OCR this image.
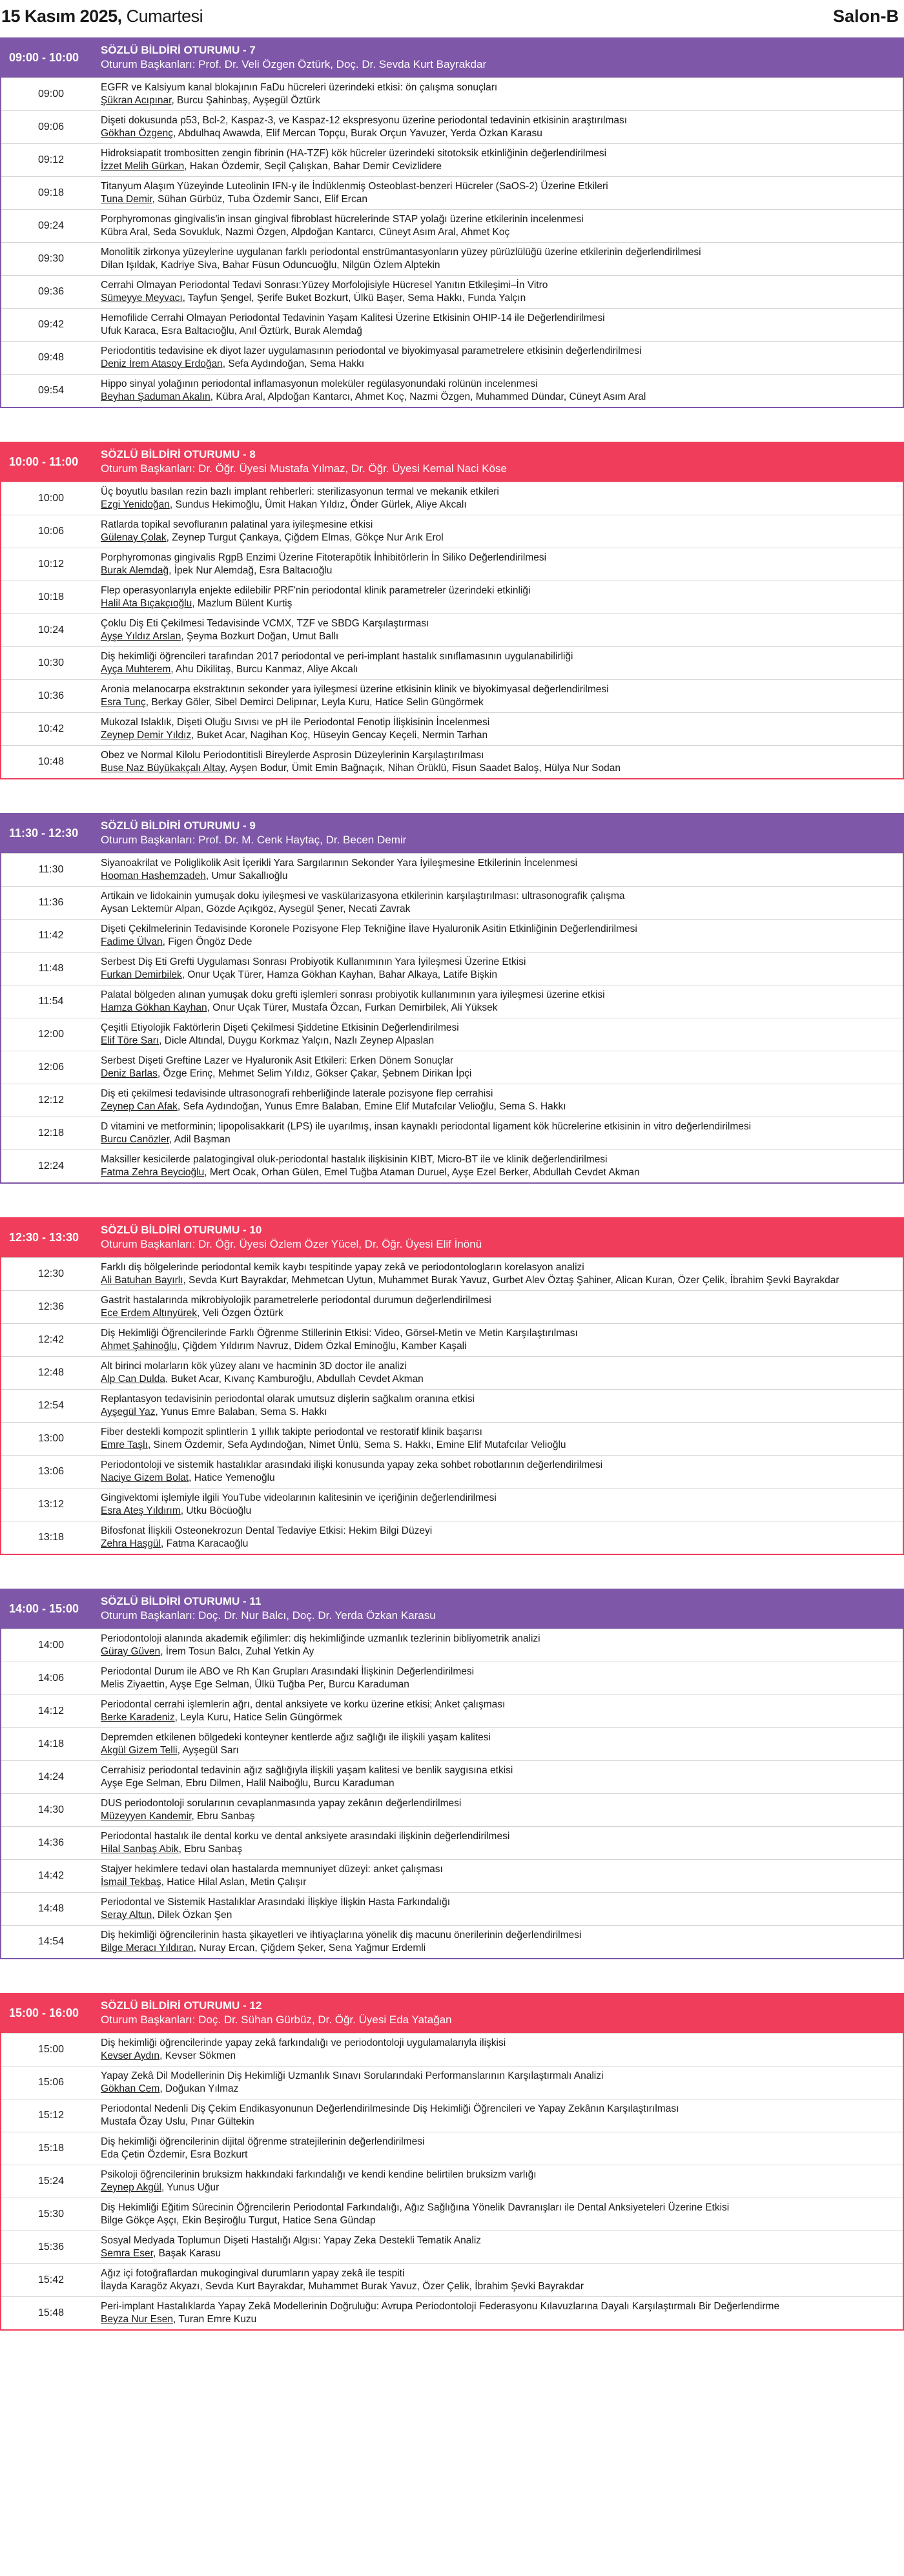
15 Kasım 2025, Cumartesi	Salon-B
09:00 - 10:00
SÖZLÜ BİLDİRİ OTURUMU - 7
Oturum Başkanları: Prof. Dr. Veli Özgen Öztürk, Doç. Dr. Sevda Kurt Bayrakdar
09:00
EGFR ve Kalsiyum kanal blokajının FaDu hücreleri üzerindeki etkisi: ön çalışma sonuçları
Şükran Acıpınar, Burcu Şahinbaş, Ayşegül Öztürk
09:06
Dişeti dokusunda p53, Bcl-2, Kaspaz-3, ve Kaspaz-12 ekspresyonu üzerine periodontal tedavinin etkisinin araştırılması
Gökhan Özgenç, Abdulhaq Awawda, Elif Mercan Topçu, Burak Orçun Yavuzer, Yerda Özkan Karasu
09:12
Hidroksiapatit trombositten zengin fibrinin (HA-TZF) kök hücreler üzerindeki sitotoksik etkinliğinin değerlendirilmesi
İzzet Melih Gürkan, Hakan Özdemir, Seçil Çalışkan, Bahar Demir Cevizlidere
09:18
Titanyum Alaşım Yüzeyinde Luteolinin IFN-γ ile İndüklenmiş Osteoblast-benzeri Hücreler (SaOS-2) Üzerine Etkileri
Tuna Demir, Sühan Gürbüz, Tuba Özdemir Sancı, Elif Ercan
09:24
Porphyromonas gingivalis'in insan gingival fibroblast hücrelerinde STAP yolağı üzerine etkilerinin incelenmesi
Kübra Aral, Seda Sovukluk, Nazmi Özgen, Alpdoğan Kantarcı, Cüneyt Asım Aral, Ahmet Koç
09:30
Monolitik zirkonya yüzeylerine uygulanan farklı periodontal enstrümantasyonların yüzey pürüzlülüğü üzerine etkilerinin değerlendirilmesi
Dilan Işıldak, Kadriye Siva, Bahar Füsun Oduncuoğlu, Nilgün Özlem Alptekin
09:36
Cerrahi Olmayan Periodontal Tedavi Sonrası:Yüzey Morfolojisiyle Hücresel Yanıtın Etkileşimi–İn Vitro
Sümeyye Meyvacı, Tayfun Şengel, Şerife Buket Bozkurt, Ülkü Başer, Sema Hakkı, Funda Yalçın
09:42
Hemofilide Cerrahi Olmayan Periodontal Tedavinin Yaşam Kalitesi Üzerine Etkisinin OHIP-14 ile Değerlendirilmesi
Ufuk Karaca, Esra Baltacıoğlu, Anıl Öztürk, Burak Alemdağ
09:48
Periodontitis tedavisine ek diyot lazer uygulamasının periodontal ve biyokimyasal parametrelere etkisinin değerlendirilmesi
Deniz İrem Atasoy Erdoğan, Sefa Aydındoğan, Sema Hakkı
09:54
Hippo sinyal yolağının periodontal inflamasyonun moleküler regülasyonundaki rolünün incelenmesi
Beyhan Şaduman Akalın, Kübra Aral, Alpdoğan Kantarcı, Ahmet Koç, Nazmi Özgen, Muhammed Dündar, Cüneyt Asım Aral
10:00 - 11:00
SÖZLÜ BİLDİRİ OTURUMU - 8
Oturum Başkanları: Dr. Öğr. Üyesi Mustafa Yılmaz, Dr. Öğr. Üyesi Kemal Naci Köse
10:00
Üç boyutlu basılan rezin bazlı implant rehberleri: sterilizasyonun termal ve mekanik etkileri
Ezgi Yenidoğan, Sundus Hekimoğlu, Ümit Hakan Yıldız, Önder Gürlek, Aliye Akcalı
10:06
Ratlarda topikal sevofluranın palatinal yara iyileşmesine etkisi
Gülenay Çolak, Zeynep Turgut Çankaya, Çiğdem Elmas, Gökçe Nur Arık Erol
10:12
Porphyromonas gingivalis RgpB Enzimi Üzerine Fitoterapötik İnhibitörlerin İn Siliko Değerlendirilmesi
Burak Alemdağ, İpek Nur Alemdağ, Esra Baltacıoğlu
10:18
Flep operasyonlarıyla enjekte edilebilir PRF'nin periodontal klinik parametreler üzerindeki etkinliği
Halil Ata Bıçakçıoğlu, Mazlum Bülent Kurtiş
10:24
Çoklu Diş Eti Çekilmesi Tedavisinde VCMX, TZF ve SBDG Karşılaştırması
Ayşe Yıldız Arslan, Şeyma Bozkurt Doğan, Umut Ballı
10:30
Diş hekimliği öğrencileri tarafından 2017 periodontal ve peri-implant hastalık sınıflamasının uygulanabilirliği
Ayça Muhterem, Ahu Dikilitaş, Burcu Kanmaz, Aliye Akcalı
10:36
Aronia melanocarpa ekstraktının sekonder yara iyileşmesi üzerine etkisinin klinik ve biyokimyasal değerlendirilmesi
Esra Tunç, Berkay Göler, Sibel Demirci Delipınar, Leyla Kuru, Hatice Selin Güngörmek
10:42
Mukozal Islaklık, Dişeti Oluğu Sıvısı ve pH ile Periodontal Fenotip İlişkisinin İncelenmesi
Zeynep Demir Yıldız, Buket Acar, Nagihan Koç, Hüseyin Gencay Keçeli, Nermin Tarhan
10:48
Obez ve Normal Kilolu Periodontitisli Bireylerde Asprosin Düzeylerinin Karşılaştırılması
Buse Naz Büyükakçalı Altay, Ayşen Bodur, Ümit Emin Bağnaçık, Nihan Örüklü, Fisun Saadet Baloş, Hülya Nur Sodan
11:30 - 12:30
SÖZLÜ BİLDİRİ OTURUMU - 9
Oturum Başkanları: Prof. Dr. M. Cenk Haytaç, Dr. Becen Demir
11:30
Siyanoakrilat ve Poliglikolik Asit İçerikli Yara Sargılarının Sekonder Yara İyileşmesine Etkilerinin İncelenmesi
Hooman Hashemzadeh, Umur Sakallıoğlu
11:36
Artikain ve lidokainin yumuşak doku iyileşmesi ve vaskülarizasyona etkilerinin karşılaştırılması: ultrasonografik çalışma
Aysan Lektemür Alpan, Gözde Açıkgöz, Aysegül Şener, Necati Zavrak
11:42
Dişeti Çekilmelerinin Tedavisinde Koronele Pozisyone Flep Tekniğine İlave Hyaluronik Asitin Etkinliğinin Değerlendirilmesi
Fadime Ülvan, Figen Öngöz Dede
11:48
Serbest Diş Eti Grefti Uygulaması Sonrası Probiyotik Kullanımının Yara İyileşmesi Üzerine Etkisi
Furkan Demirbilek, Onur Uçak Türer, Hamza Gökhan Kayhan, Bahar Alkaya, Latife Bişkin
11:54
Palatal bölgeden alınan yumuşak doku grefti işlemleri sonrası probiyotik kullanımının yara iyileşmesi üzerine etkisi
Hamza Gökhan Kayhan, Onur Uçak Türer, Mustafa Özcan, Furkan Demirbilek, Ali Yüksek
12:00
Çeşitli Etiyolojik Faktörlerin Dişeti Çekilmesi Şiddetine Etkisinin Değerlendirilmesi
Elif Töre Sarı, Dicle Altındal, Duygu Korkmaz Yalçın, Nazlı Zeynep Alpaslan
12:06
Serbest Dişeti Greftine Lazer ve Hyaluronik Asit Etkileri: Erken Dönem Sonuçlar
Deniz Barlas, Özge Erinç, Mehmet Selim Yıldız, Gökser Çakar, Şebnem Dirikan İpçi
12:12
Diş eti çekilmesi tedavisinde ultrasonografi rehberliğinde laterale pozisyone flep cerrahisi
Zeynep Can Afak, Sefa Aydındoğan, Yunus Emre Balaban, Emine Elif Mutafcılar Velioğlu, Sema S. Hakkı
12:18
D vitamini ve metforminin; lipopolisakkarit (LPS) ile uyarılmış, insan kaynaklı periodontal ligament kök hücrelerine etkisinin in vitro değerlendirilmesi
Burcu Canözler, Adil Başman
12:24
Maksiller kesicilerde palatogingival oluk-periodontal hastalık ilişkisinin KIBT, Micro-BT ile ve klinik değerlendirilmesi
Fatma Zehra Beycioğlu, Mert Ocak, Orhan Gülen, Emel Tuğba Ataman Duruel, Ayşe Ezel Berker, Abdullah Cevdet Akman
12:30 - 13:30
SÖZLÜ BİLDİRİ OTURUMU - 10
Oturum Başkanları: Dr. Öğr. Üyesi Özlem Özer Yücel, Dr. Öğr. Üyesi Elif İnönü
12:30
Farklı diş bölgelerinde periodontal kemik kaybı tespitinde yapay zekâ ve periodontologların korelasyon analizi
Ali Batuhan Bayırlı, Sevda Kurt Bayrakdar, Mehmetcan Uytun, Muhammet Burak Yavuz, Gurbet Alev Öztaş Şahiner, Alican Kuran, Özer Çelik, İbrahim Şevki Bayrakdar
12:36
Gastrit hastalarında mikrobiyolojik parametrelerle periodontal durumun değerlendirilmesi
Ece Erdem Altınyürek, Veli Özgen Öztürk
12:42
Diş Hekimliği Öğrencilerinde Farklı Öğrenme Stillerinin Etkisi: Video, Görsel-Metin ve Metin Karşılaştırılması
Ahmet Şahinoğlu, Çiğdem Yıldırım Navruz, Didem Özkal Eminoğlu, Kamber Kaşali
12:48
Alt birinci molarların kök yüzey alanı ve hacminin 3D doctor ile analizi
Alp Can Dulda, Buket Acar, Kıvanç Kamburoğlu, Abdullah Cevdet Akman
12:54
Replantasyon tedavisinin periodontal olarak umutsuz dişlerin sağkalım oranına etkisi
Ayşegül Yaz, Yunus Emre Balaban, Sema S. Hakkı
13:00
Fiber destekli kompozit splintlerin 1 yıllık takipte periodontal ve restoratif klinik başarısı
Emre Taşlı, Sinem Özdemir, Sefa Aydındoğan, Nimet Ünlü, Sema S. Hakkı, Emine Elif Mutafcılar Velioğlu
13:06
Periodontoloji ve sistemik hastalıklar arasındaki ilişki konusunda yapay zeka sohbet robotlarının değerlendirilmesi
Naciye Gizem Bolat, Hatice Yemenoğlu
13:12
Gingivektomi işlemiyle ilgili YouTube videolarının kalitesinin ve içeriğinin değerlendirilmesi
Esra Ateş Yıldırım, Utku Böcüoğlu
13:18
Bifosfonat İlişkili Osteonekrozun Dental Tedaviye Etkisi: Hekim Bilgi Düzeyi
Zehra Haşgül, Fatma Karacaoğlu
14:00 - 15:00
SÖZLÜ BİLDİRİ OTURUMU - 11
Oturum Başkanları: Doç. Dr. Nur Balcı, Doç. Dr. Yerda Özkan Karasu
14:00
Periodontoloji alanında akademik eğilimler: diş hekimliğinde uzmanlık tezlerinin bibliyometrik analizi
Güray Güven, İrem Tosun Balcı, Zuhal Yetkin Ay
14:06
Periodontal Durum ile ABO ve Rh Kan Grupları Arasındaki İlişkinin Değerlendirilmesi
Melis Ziyaettin, Ayşe Ege Selman, Ülkü Tuğba Per, Burcu Karaduman
14:12
Periodontal cerrahi işlemlerin ağrı, dental anksiyete ve korku üzerine etkisi; Anket çalışması
Berke Karadeniz, Leyla Kuru, Hatice Selin Güngörmek
14:18
Depremden etkilenen bölgedeki konteyner kentlerde ağız sağlığı ile ilişkili yaşam kalitesi
Akgül Gizem Telli, Ayşegül Sarı
14:24
Cerrahisiz periodontal tedavinin ağız sağlığıyla ilişkili yaşam kalitesi ve benlik saygısına etkisi
Ayşe Ege Selman, Ebru Dilmen, Halil Naiboğlu, Burcu Karaduman
14:30
DUS periodontoloji sorularının cevaplanmasında yapay zekânın değerlendirilmesi
Müzeyyen Kandemir, Ebru Sanbaş
14:36
Periodontal hastalık ile dental korku ve dental anksiyete arasındaki ilişkinin değerlendirilmesi
Hilal Sanbaş Abik, Ebru Sanbaş
14:42
Stajyer hekimlere tedavi olan hastalarda memnuniyet düzeyi: anket çalışması
İsmail Tekbaş, Hatice Hilal Aslan, Metin Çalışır
14:48
Periodontal ve Sistemik Hastalıklar Arasındaki İlişkiye İlişkin Hasta Farkındalığı
Seray Altun, Dilek Özkan Şen
14:54
Diş hekimliği öğrencilerinin hasta şikayetleri ve ihtiyaçlarına yönelik diş macunu önerilerinin değerlendirilmesi
Bilge Meracı Yıldıran, Nuray Ercan, Çiğdem Şeker, Sena Yağmur Erdemli
15:00 - 16:00
SÖZLÜ BİLDİRİ OTURUMU - 12
Oturum Başkanları: Doç. Dr. Sühan Gürbüz, Dr. Öğr. Üyesi Eda Yatağan
15:00
Diş hekimliği öğrencilerinde yapay zekâ farkındalığı ve periodontoloji uygulamalarıyla ilişkisi
Kevser Aydın, Kevser Sökmen
15:06
Yapay Zekâ Dil Modellerinin Diş Hekimliği Uzmanlık Sınavı Sorularındaki Performanslarının Karşılaştırmalı Analizi
Gökhan Cem, Doğukan Yılmaz
15:12
Periodontal Nedenli Diş Çekim Endikasyonunun Değerlendirilmesinde Diş Hekimliği Öğrencileri ve Yapay Zekânın Karşılaştırılması
Mustafa Özay Uslu, Pınar Gültekin
15:18
Diş hekimliği öğrencilerinin dijital öğrenme stratejilerinin değerlendirilmesi
Eda Çetin Özdemir, Esra Bozkurt
15:24
Psikoloji öğrencilerinin bruksizm hakkındaki farkındalığı ve kendi kendine belirtilen bruksizm varlığı
Zeynep Akgül, Yunus Uğur
15:30
Diş Hekimliği Eğitim Sürecinin Öğrencilerin Periodontal Farkındalığı, Ağız Sağlığına Yönelik Davranışları ile Dental Anksiyeteleri Üzerine Etkisi
Bilge Gökçe Aşçı, Ekin Beşiroğlu Turgut, Hatice Sena Gündap
15:36
Sosyal Medyada Toplumun Dişeti Hastalığı Algısı: Yapay Zeka Destekli Tematik Analiz
Semra Eser, Başak Karasu
15:42
Ağız içi fotoğraflardan mukogingival durumların yapay zekâ ile tespiti
İlayda Karagöz Akyazı, Sevda Kurt Bayrakdar, Muhammet Burak Yavuz, Özer Çelik, İbrahim Şevki Bayrakdar
15:48
Peri-implant Hastalıklarda Yapay Zekâ Modellerinin Doğruluğu: Avrupa Periodontoloji Federasyonu Kılavuzlarına Dayalı Karşılaştırmalı Bir Değerlendirme
Beyza Nur Esen, Turan Emre Kuzu
